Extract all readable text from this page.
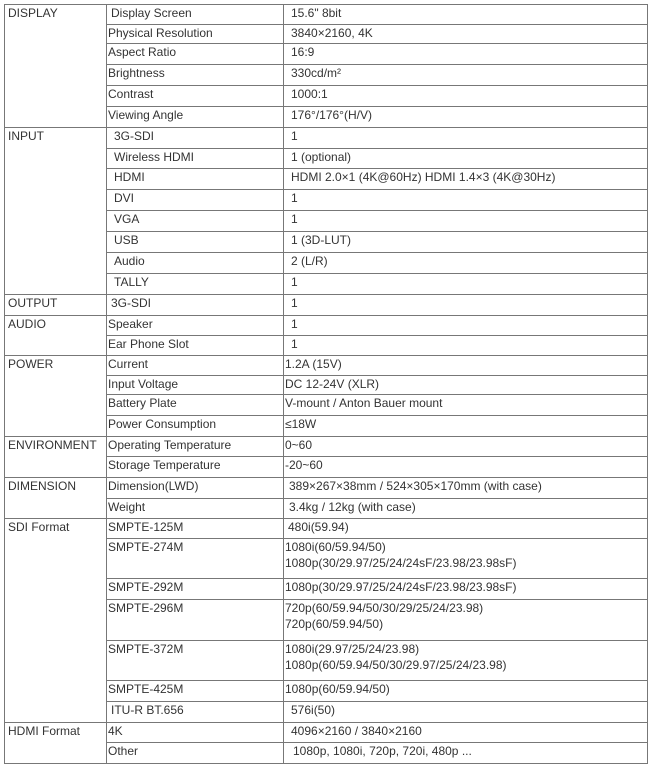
DISPLAY	Display Screen	15.6" 8bit

	Physical Resolution	3840×2160, 4K

	Aspect Ratio	16:9

	Brightness	330cd/m²

	Contrast	1000:1

	Viewing Angle	176°/176°(H/V)

INPUT	3G-SDI	1

	Wireless HDMI	1 (optional)

	HDMI	HDMI 2.0×1 (4K@60Hz) HDMI 1.4×3 (4K@30Hz)

	DVI	1

	VGA	1

	USB	1 (3D-LUT)

	Audio	2 (L/R)

	TALLY	1

OUTPUT	3G-SDI	1

AUDIO	Speaker	1

	Ear Phone Slot	1

POWER	Current	1.2A (15V)

	Input Voltage	DC 12-24V (XLR)

	Battery Plate	V-mount / Anton Bauer mount

	Power Consumption	≤18W

ENVIRONMENT	Operating Temperature	0~60

	Storage Temperature	-20~60

DIMENSION	Dimension(LWD)	389×267×38mm / 524×305×170mm (with case)

	Weight	3.4kg / 12kg (with case)

SDI Format	SMPTE-125M	480i(59.94)

	SMPTE-274M	1080i(60/59.94/50)
1080p(30/29.97/25/24/24sF/23.98/23.98sF)

	SMPTE-292M	1080p(30/29.97/25/24/24sF/23.98/23.98sF)

	SMPTE-296M	720p(60/59.94/50/30/29/25/24/23.98)
720p(60/59.94/50)

	SMPTE-372M	1080i(29.97/25/24/23.98)
1080p(60/59.94/50/30/29.97/25/24/23.98)

	SMPTE-425M	1080p(60/59.94/50)

	ITU-R BT.656	576i(50)

HDMI Format	4K	4096×2160 / 3840×2160

	Other	1080p, 1080i, 720p, 720i, 480p ...
